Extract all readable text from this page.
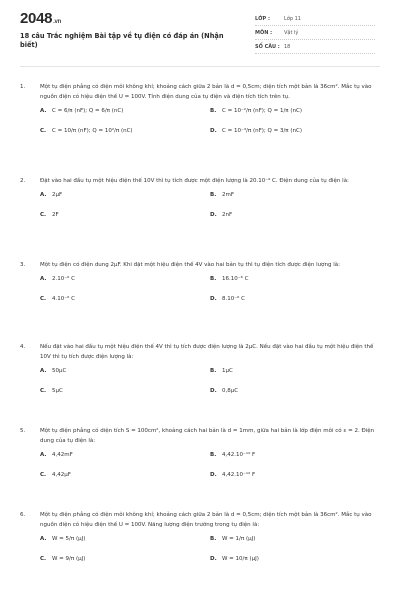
2048.vn
18 câu Trắc nghiệm Bài tập về tụ điện có đáp án (Nhận biết)
LỚP :	Lớp 11
MÔN : Vật lý
SỐ CÂU : 18
1.	Một tụ điện phẳng có điện môi không khí; khoảng cách giữa 2 bản là d = 0,5cm; diện tích một bản là 36cm². Mắc tụ vào nguồn điện có hiệu điện thế U = 100V. Tính điện dung của tụ điện và điện tích tích trên tụ.
A. C = 6/π (nF); Q = 6/π (nC)	B. C = 10⁻²/π (nF); Q = 1/π (nC)
C. C = 10/π (nF); Q = 10²/π (nC)	D. C = 10⁻³/π (nF); Q = 3/π (nC)
2.	Đặt vào hai đầu tụ một hiệu điện thế 10V thì tụ tích được một điện lượng là 20.10⁻⁹ C. Điện dung của tụ điện là:
A. 2µF	B. 2mF
C. 2F	D. 2nF
3.	Một tụ điện có điện dung 2µF. Khi đặt một hiệu điện thế 4V vào hai bản tụ thì tụ điện tích được điện lượng là:
A. 2.10⁻⁶ C	B. 16.10⁻⁶ C
C. 4.10⁻⁶ C	D. 8.10⁻⁶ C
4.	Nếu đặt vào hai đầu tụ một hiệu điện thế 4V thì tụ tích được điện lượng là 2µC. Nếu đặt vào hai đầu tụ một hiệu điện thế 10V thì tụ tích được điện lượng là:
A. 50µC	B. 1µC
C. 5µC	D. 0,8µC
5.	Một tụ điện phẳng có diện tích S = 100cm², khoảng cách hai bản là d = 1mm, giữa hai bản là lớp điện môi có ε = 2. Điện dung của tụ điện là:
A. 4,42mF	B. 4,42.10⁻¹⁰ F
C. 4,42µF	D. 4,42.10⁻¹² F
6.	Một tụ điện phẳng có điện môi không khí; khoảng cách giữa 2 bản là d = 0,5cm; diện tích một bản là 36cm². Mắc tụ vào nguồn điện có hiệu điện thế U = 100V. Năng lượng điện trường trong tụ điện là:
A. W = 5/π (µJ)	B. W = 1/π (µJ)
C. W = 9/π (µJ)	D. W = 10/π (µJ)
